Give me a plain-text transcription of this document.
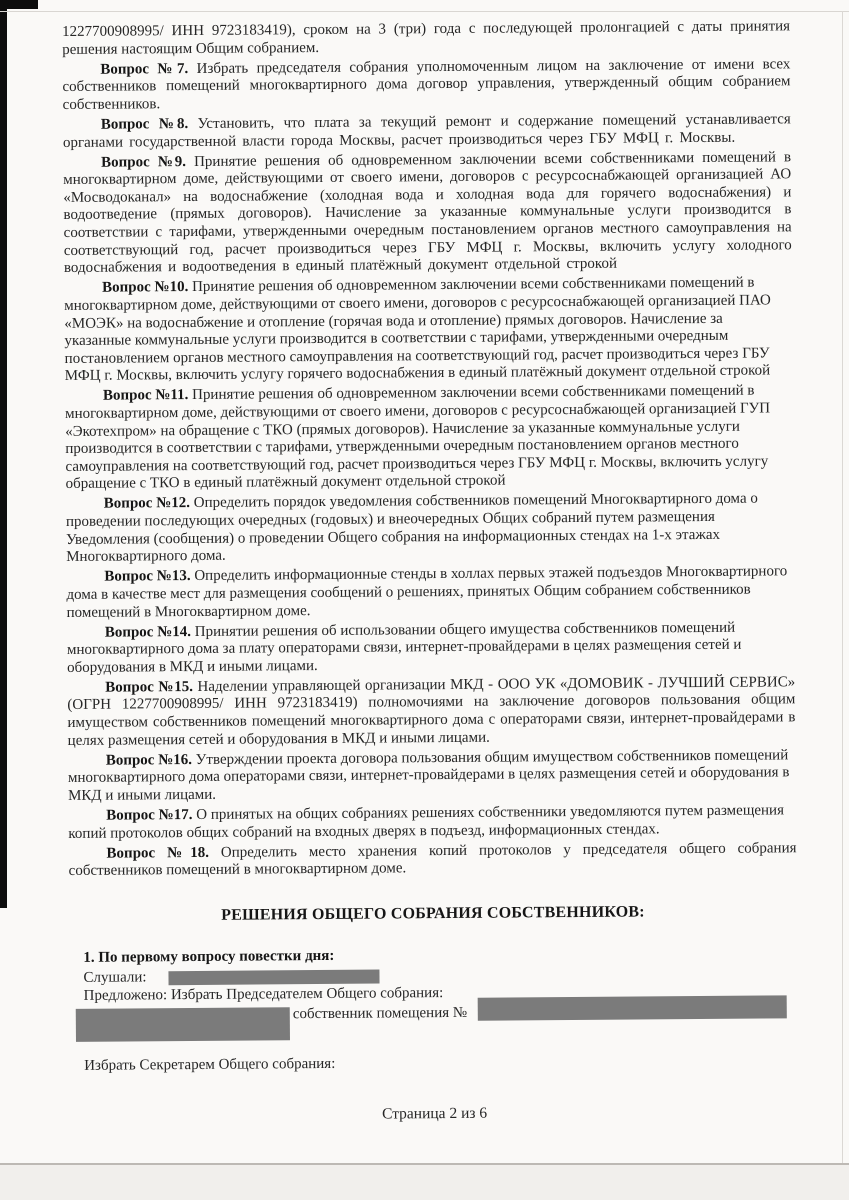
1227700908995/ ИНН 9723183419), сроком на 3 (три) года с последующей пролонгацией с даты принятия решения настоящим Общим собранием.

Вопрос №7. Избрать председателя собрания уполномоченным лицом на заключение от имени всех собственников помещений многоквартирного дома договор управления, утвержденный общим собранием собственников.

Вопрос №8. Установить, что плата за текущий ремонт и содержание помещений устанавливается органами государственной власти города Москвы, расчет производиться через ГБУ МФЦ г. Москвы.

Вопрос №9. Принятие решения об одновременном заключении всеми собственниками помещений в многоквартирном доме, действующими от своего имени, договоров с ресурсоснабжающей организацией АО «Мосводоканал» на водоснабжение (холодная вода и холодная вода для горячего водоснабжения) и водоотведение (прямых договоров). Начисление за указанные коммунальные услуги производится в соответствии с тарифами, утвержденными очередным постановлением органов местного самоуправления на соответствующий год, расчет производиться через ГБУ МФЦ г. Москвы, включить услугу холодного водоснабжения и водоотведения в единый платёжный документ отдельной строкой

Вопрос №10. Принятие решения об одновременном заключении всеми собственниками помещений в многоквартирном доме, действующими от своего имени, договоров с ресурсоснабжающей организацией ПАО «МОЭК» на водоснабжение и отопление (горячая вода и отопление) прямых договоров. Начисление за указанные коммунальные услуги производится в соответствии с тарифами, утвержденными очередным постановлением органов местного самоуправления на соответствующий год, расчет производиться через ГБУ МФЦ г. Москвы, включить услугу горячего водоснабжения в единый платёжный документ отдельной строкой

Вопрос №11. Принятие решения об одновременном заключении всеми собственниками помещений в многоквартирном доме, действующими от своего имени, договоров с ресурсоснабжающей организацией ГУП «Экотехпром» на обращение с ТКО (прямых договоров). Начисление за указанные коммунальные услуги производится в соответствии с тарифами, утвержденными очередным постановлением органов местного самоуправления на соответствующий год, расчет производиться через ГБУ МФЦ г. Москвы, включить услугу обращение с ТКО в единый платёжный документ отдельной строкой

Вопрос №12. Определить порядок уведомления собственников помещений Многоквартирного дома о проведении последующих очередных (годовых) и внеочередных Общих собраний путем размещения Уведомления (сообщения) о проведении Общего собрания на информационных стендах на 1-х этажах Многоквартирного дома.

Вопрос №13. Определить информационные стенды в холлах первых этажей подъездов Многоквартирного дома в качестве мест для размещения сообщений о решениях, принятых Общим собранием собственников помещений в Многоквартирном доме.

Вопрос №14. Принятии решения об использовании общего имущества собственников помещений многоквартирного дома за плату операторами связи, интернет-провайдерами в целях размещения сетей и оборудования в МКД и иными лицами.

Вопрос №15. Наделении управляющей организации МКД - ООО УК «ДОМОВИК - ЛУЧШИЙ СЕРВИС» (ОГРН 1227700908995/ ИНН 9723183419) полномочиями на заключение договоров пользования общим имуществом собственников помещений многоквартирного дома с операторами связи, интернет-провайдерами в целях размещения сетей и оборудования в МКД и иными лицами.

Вопрос №16. Утверждении проекта договора пользования общим имуществом собственников помещений многоквартирного дома операторами связи, интернет-провайдерами в целях размещения сетей и оборудования в МКД и иными лицами.

Вопрос №17. О принятых на общих собраниях решениях собственники уведомляются путем размещения копий протоколов общих собраний на входных дверях в подъезд, информационных стендах.

Вопрос №18. Определить место хранения копий протоколов у председателя общего собрания собственников помещений в многоквартирном доме.

РЕШЕНИЯ ОБЩЕГО СОБРАНИЯ СОБСТВЕННИКОВ:
1. По первому вопросу повестки дня:
Слушали:
Предложено: Избрать Председателем Общего собрания:
собственник помещения №
Избрать Секретарем Общего собрания:
Страница 2 из 6
